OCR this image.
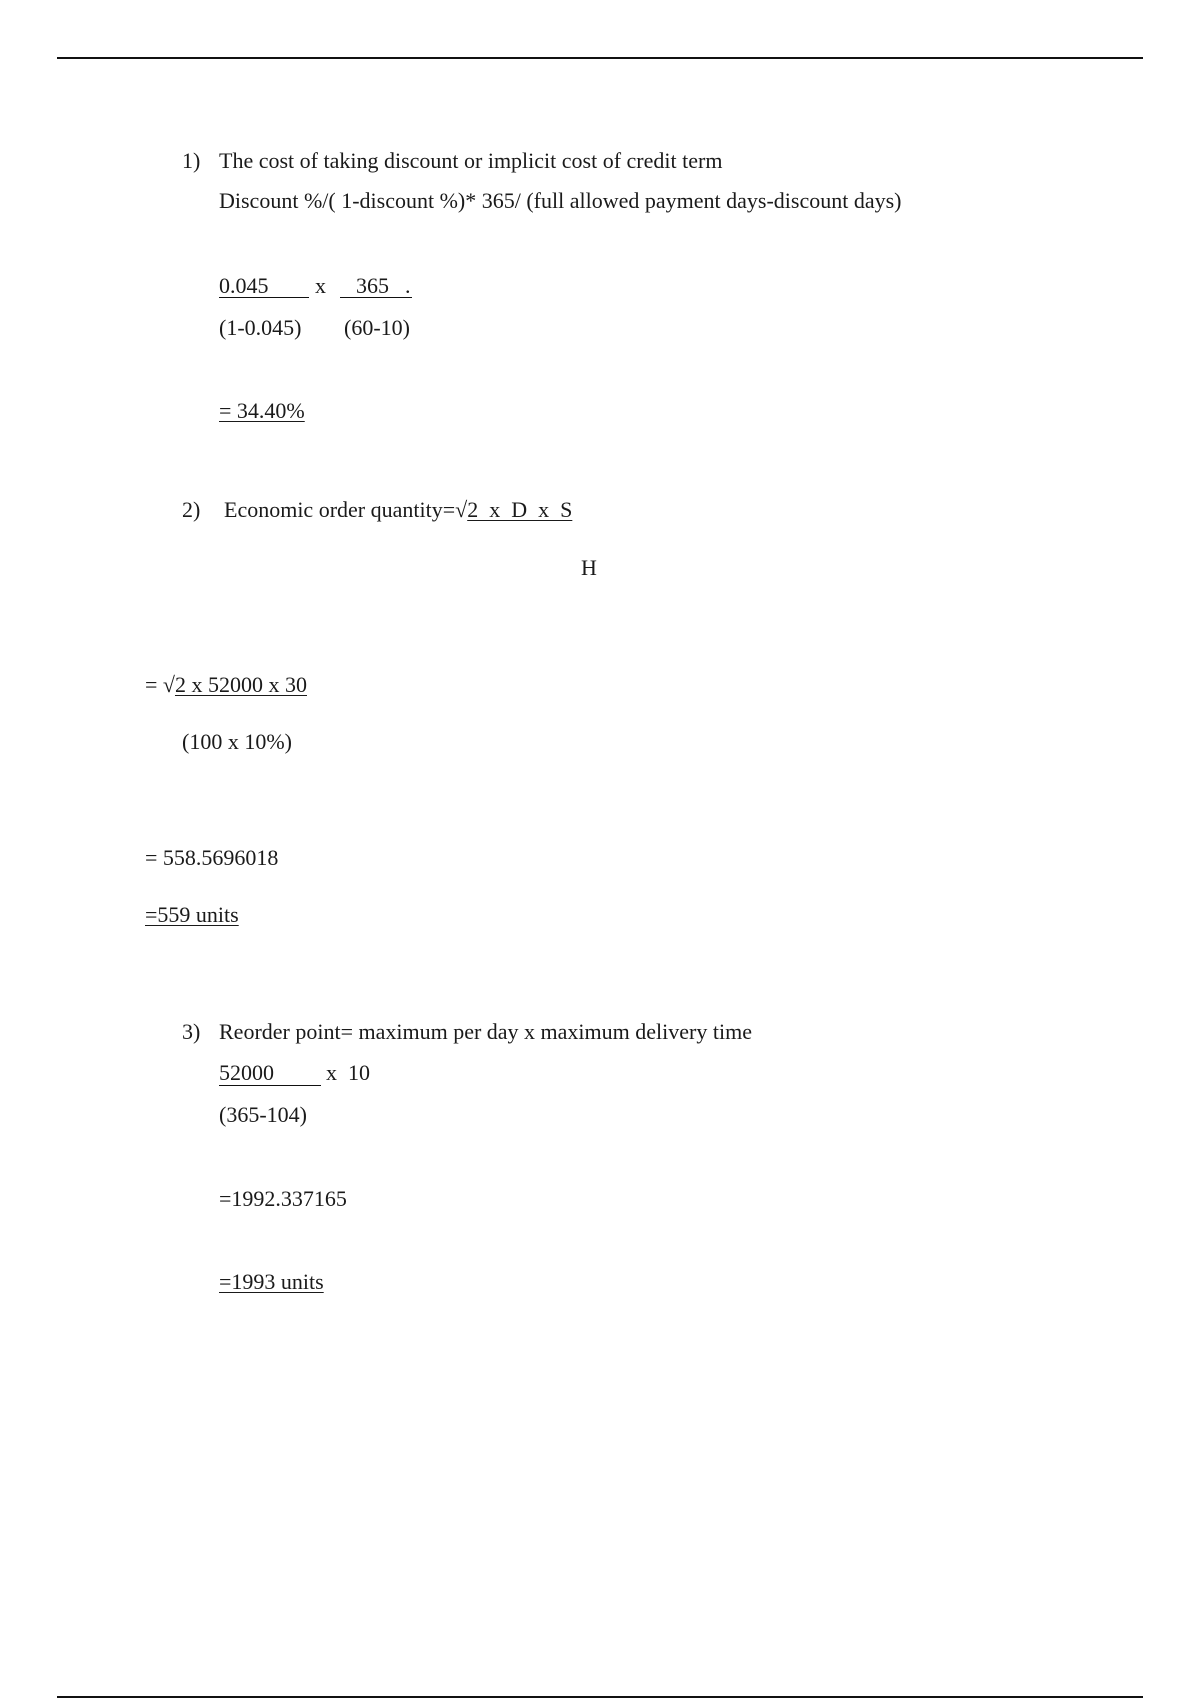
1) The cost of taking discount or implicit cost of credit term
Discount %/( 1-discount %)* 365/ (full allowed payment days-discount days)
0.045 x 365 .
(1-0.045) (60-10)
= 34.40%
2) Economic order quantity=√2  x  D  x  S
H
= √2 x 52000 x 30
(100 x 10%)
= 558.5696018
=559 units
3) Reorder point= maximum per day x maximum delivery time
52000 x  10
(365-104)
=1992.337165
=1993 units
